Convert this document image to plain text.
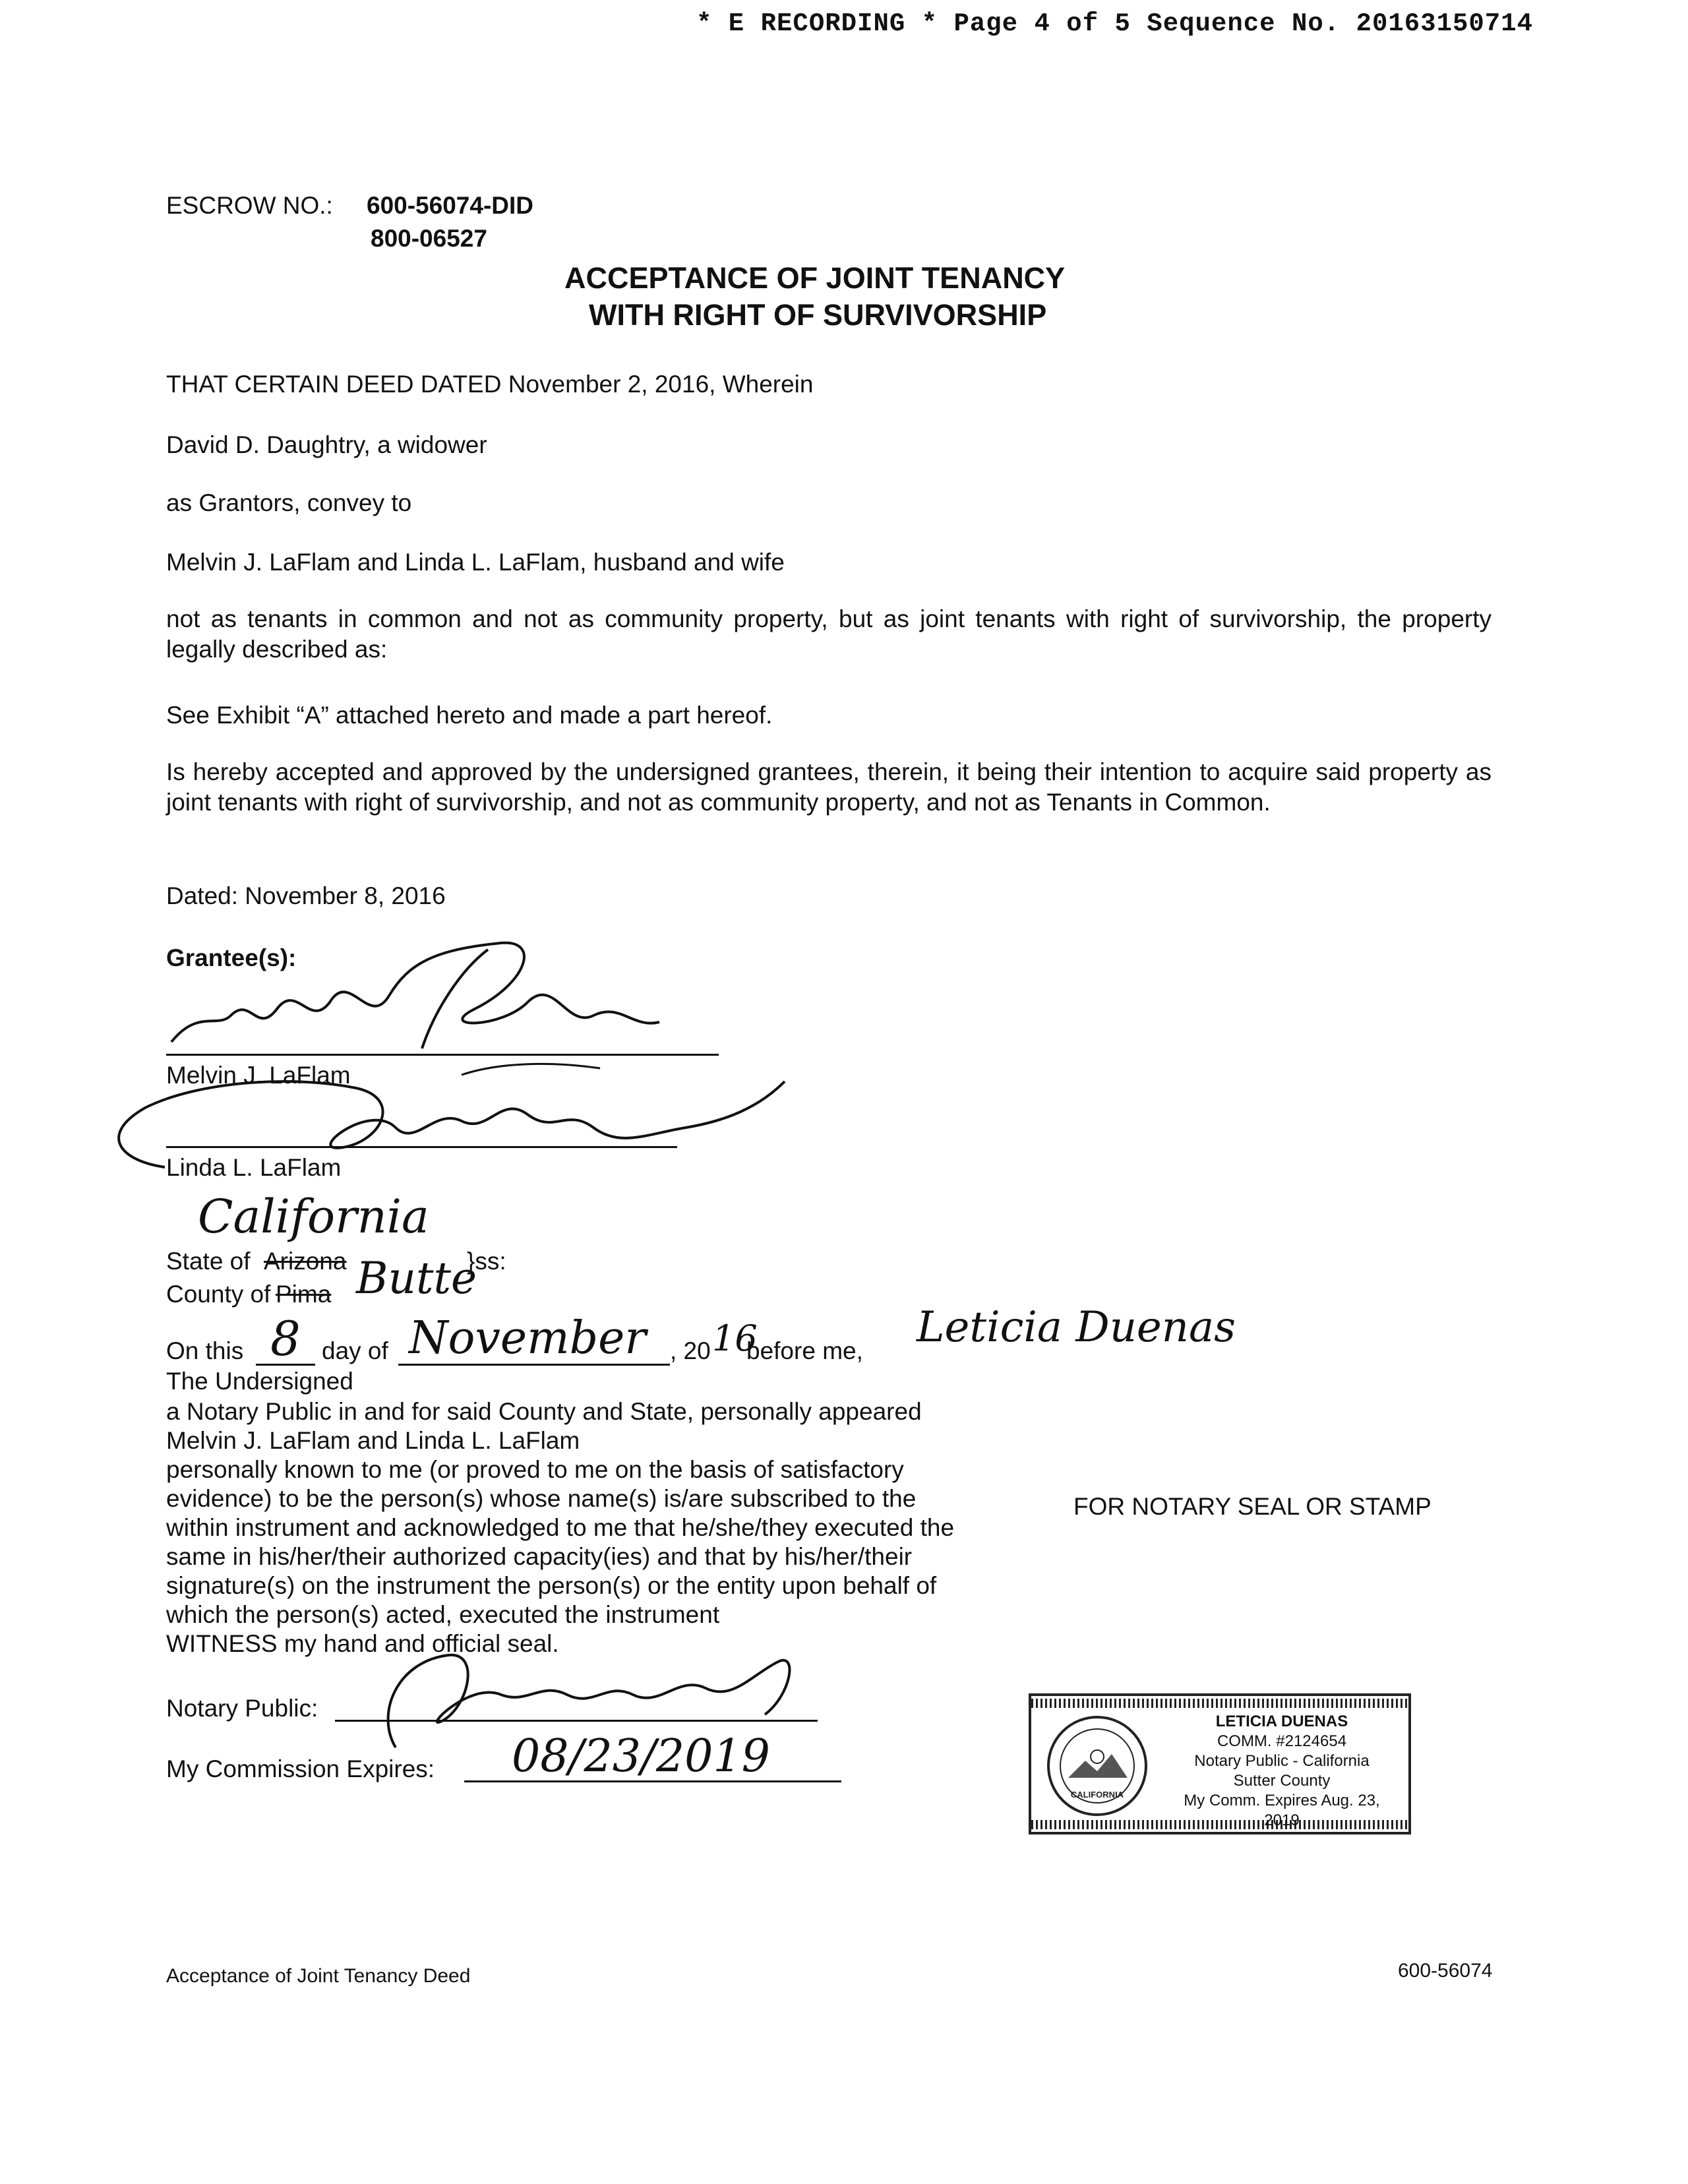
* E RECORDING * Page 4 of 5 Sequence No. 20163150714
ESCROW NO.: 600-56074-DID
800-06527
ACCEPTANCE OF JOINT TENANCY
WITH RIGHT OF SURVIVORSHIP
THAT CERTAIN DEED DATED November 2, 2016, Wherein
David D. Daughtry, a widower
as Grantors, convey to
Melvin J. LaFlam and Linda L. LaFlam, husband and wife
not as tenants in common and not as community property, but as joint tenants with right of survivorship, the property legally described as:
See Exhibit “A” attached hereto and made a part hereof.
Is hereby accepted and approved by the undersigned grantees, therein, it being their intention to acquire said property as joint tenants with right of survivorship, and not as community property, and not as Tenants in Common.
Dated: November 8, 2016
Grantee(s):
Melvin J. LaFlam
Linda L. LaFlam
California
State of Arizona	}ss:
County of Pima Butte
On this 8 day of November , 20 16
before me, Leticia Duenas
The Undersigned
a Notary Public in and for said County and State, personally appeared
Melvin J. LaFlam and Linda L. LaFlam
personally known to me (or proved to me on the basis of satisfactory
evidence) to be the person(s) whose name(s) is/are subscribed to the
within instrument and acknowledged to me that he/she/they executed the
same in his/her/their authorized capacity(ies) and that by his/her/their
signature(s) on the instrument the person(s) or the entity upon behalf of
which the person(s) acted, executed the instrument
WITNESS my hand and official seal.
FOR NOTARY SEAL OR STAMP
Notary Public:
My Commission Expires: 08/23/2019
CALIFORNIA
LETICIA DUENAS
COMM. #2124654
Notary Public - California
Sutter County
My Comm. Expires Aug. 23, 2019
Acceptance of Joint Tenancy Deed	600-56074
